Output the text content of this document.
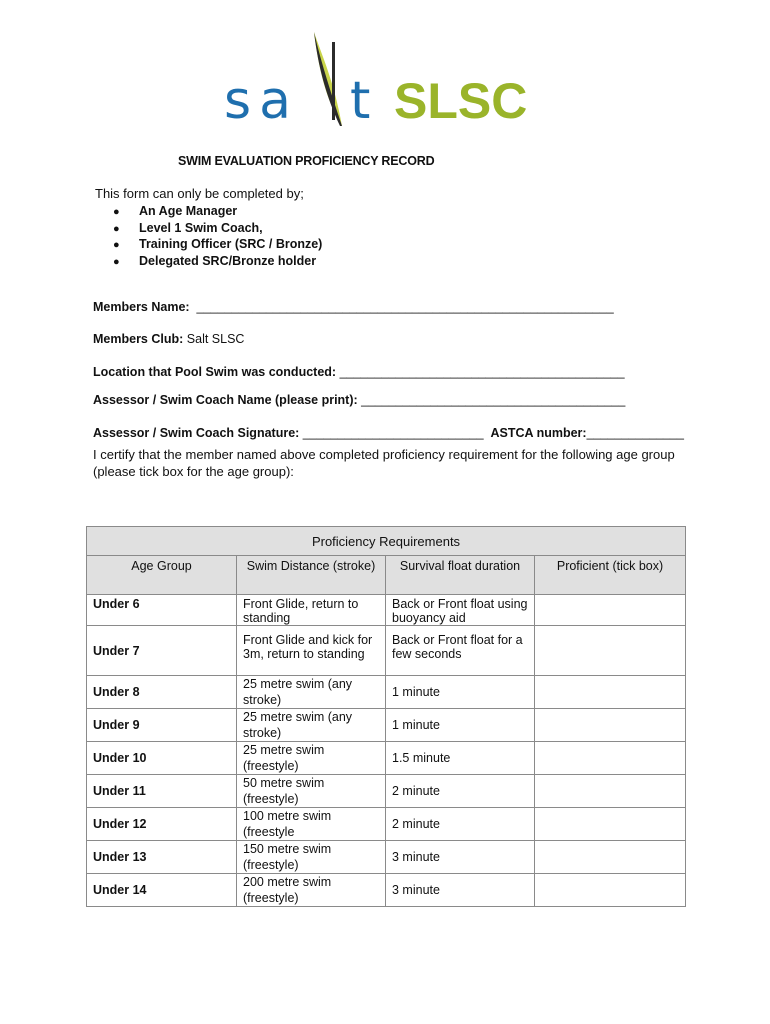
sa t SLSC
SWIM EVALUATION PROFICIENCY RECORD
This form can only be completed by;
● An Age Manager
● Level 1 Swim Coach,
● Training Officer (SRC / Bronze)
● Delegated SRC/Bronze holder
Members Name: ____________________________________________________________
Members Club: Salt SLSC
Location that Pool Swim was conducted: _________________________________________
Assessor / Swim Coach Name (please print): ______________________________________
Assessor / Swim Coach Signature: __________________________ ASTCA number:______________
I certify that the member named above completed proficiency requirement for the following age group (please tick box for the age group):
Proficiency Requirements			
Age Group	Swim Distance (stroke)	Survival float duration	Proficient (tick box)
Under 6	Front Glide, return to standing	Back or Front float using buoyancy aid	
Under 7	Front Glide and kick for 3m, return to standing	Back or Front float for a few seconds	
Under 8	25 metre swim (any stroke)	1 minute	
Under 9	25 metre swim (any stroke)	1 minute	
Under 10	25 metre swim (freestyle)	1.5 minute	
Under 11	50 metre swim (freestyle)	2 minute	
Under 12	100 metre swim (freestyle	2 minute	
Under 13	150 metre swim (freestyle)	3 minute	
Under 14	200 metre swim (freestyle)	3 minute	
